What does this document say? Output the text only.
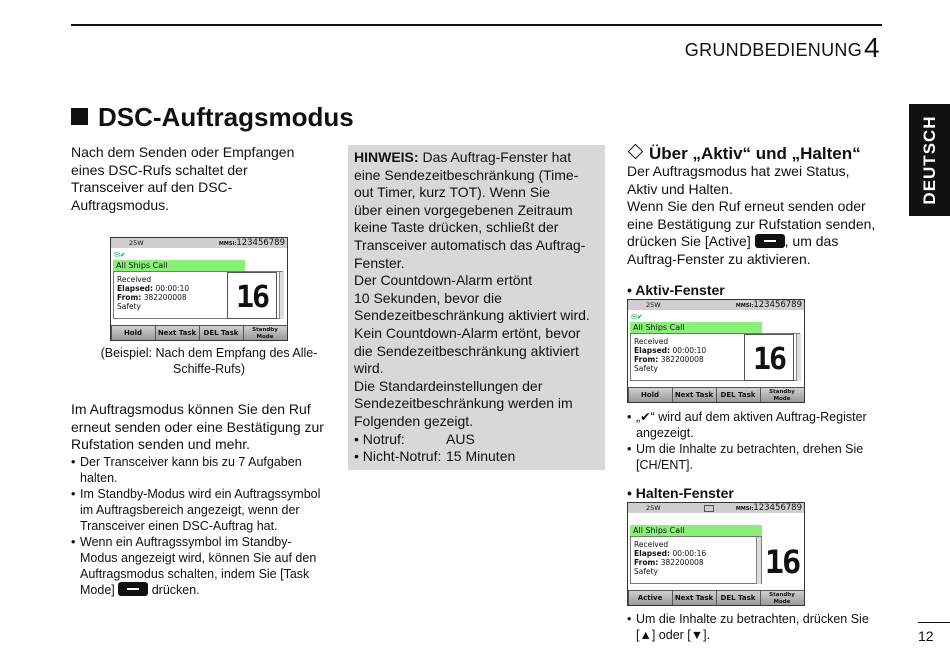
GRUNDBEDIENUNG 4
DEUTSCH
DSC-Auftragsmodus
Nach dem Senden oder Empfangen
eines DSC-Rufs schaltet der
Transceiver auf den DSC-
Auftragsmodus.
25W	MMSI:123456789
✉✔
All Ships Call
Received
Elapsed: 00:00:10
From: 382200008
Safety	16
Hold	Next Task	DEL Task	Standby
Mode
(Beispiel: Nach dem Empfang des Alle-
Schiffe-Rufs)
Im Auftragsmodus können Sie den Ruf
erneut senden oder eine Bestätigung zur
Rufstation senden und mehr.
• Der Transceiver kann bis zu 7 Aufgaben
halten.
• Im Standby-Modus wird ein Auftragssymbol
im Auftragsbereich angezeigt, wenn der
Transceiver einen DSC-Auftrag hat.
• Wenn ein Auftragssymbol im Standby-
Modus angezeigt wird, können Sie auf den
Auftragsmodus schalten, indem Sie [Task
Mode]	drücken.
HINWEIS: Das Auftrag-Fenster hat
eine Sendezeitbeschränkung (Time-
out Timer, kurz TOT). Wenn Sie
über einen vorgegebenen Zeitraum
keine Taste drücken, schließt der
Transceiver automatisch das Auftrag-
Fenster.
Der Countdown-Alarm ertönt
10 Sekunden, bevor die
Sendezeitbeschränkung aktiviert wird.
Kein Countdown-Alarm ertönt, bevor
die Sendezeitbeschränkung aktiviert
wird.
Die Standardeinstellungen der
Sendezeitbeschränkung werden im
Folgenden gezeigt.
• Notruf:	AUS
• Nicht-Notruf: 15 Minuten
Über „Aktiv“ und „Halten“
Der Auftragsmodus hat zwei Status,
Aktiv und Halten.
Wenn Sie den Ruf erneut senden oder
eine Bestätigung zur Rufstation senden,
drücken Sie [Active] , um das
Auftrag-Fenster zu aktivieren.
• Aktiv-Fenster
25W	MMSI:123456789
✉✔
All Ships Call
Received
Elapsed: 00:00:10
From: 382200008
Safety	16
Hold	Next Task	DEL Task	Standby
Mode
• „✔“ wird auf dem aktiven Auftrag-Register
angezeigt.
• Um die Inhalte zu betrachten, drehen Sie
[CH/ENT].
• Halten-Fenster
25W	MMSI:123456789
All Ships Call
Received
Elapsed: 00:00:16
From: 382200008
Safety	16
Active	Next Task	DEL Task	Standby
Mode
• Um die Inhalte zu betrachten, drücken Sie
[▲] oder [▼].	12
